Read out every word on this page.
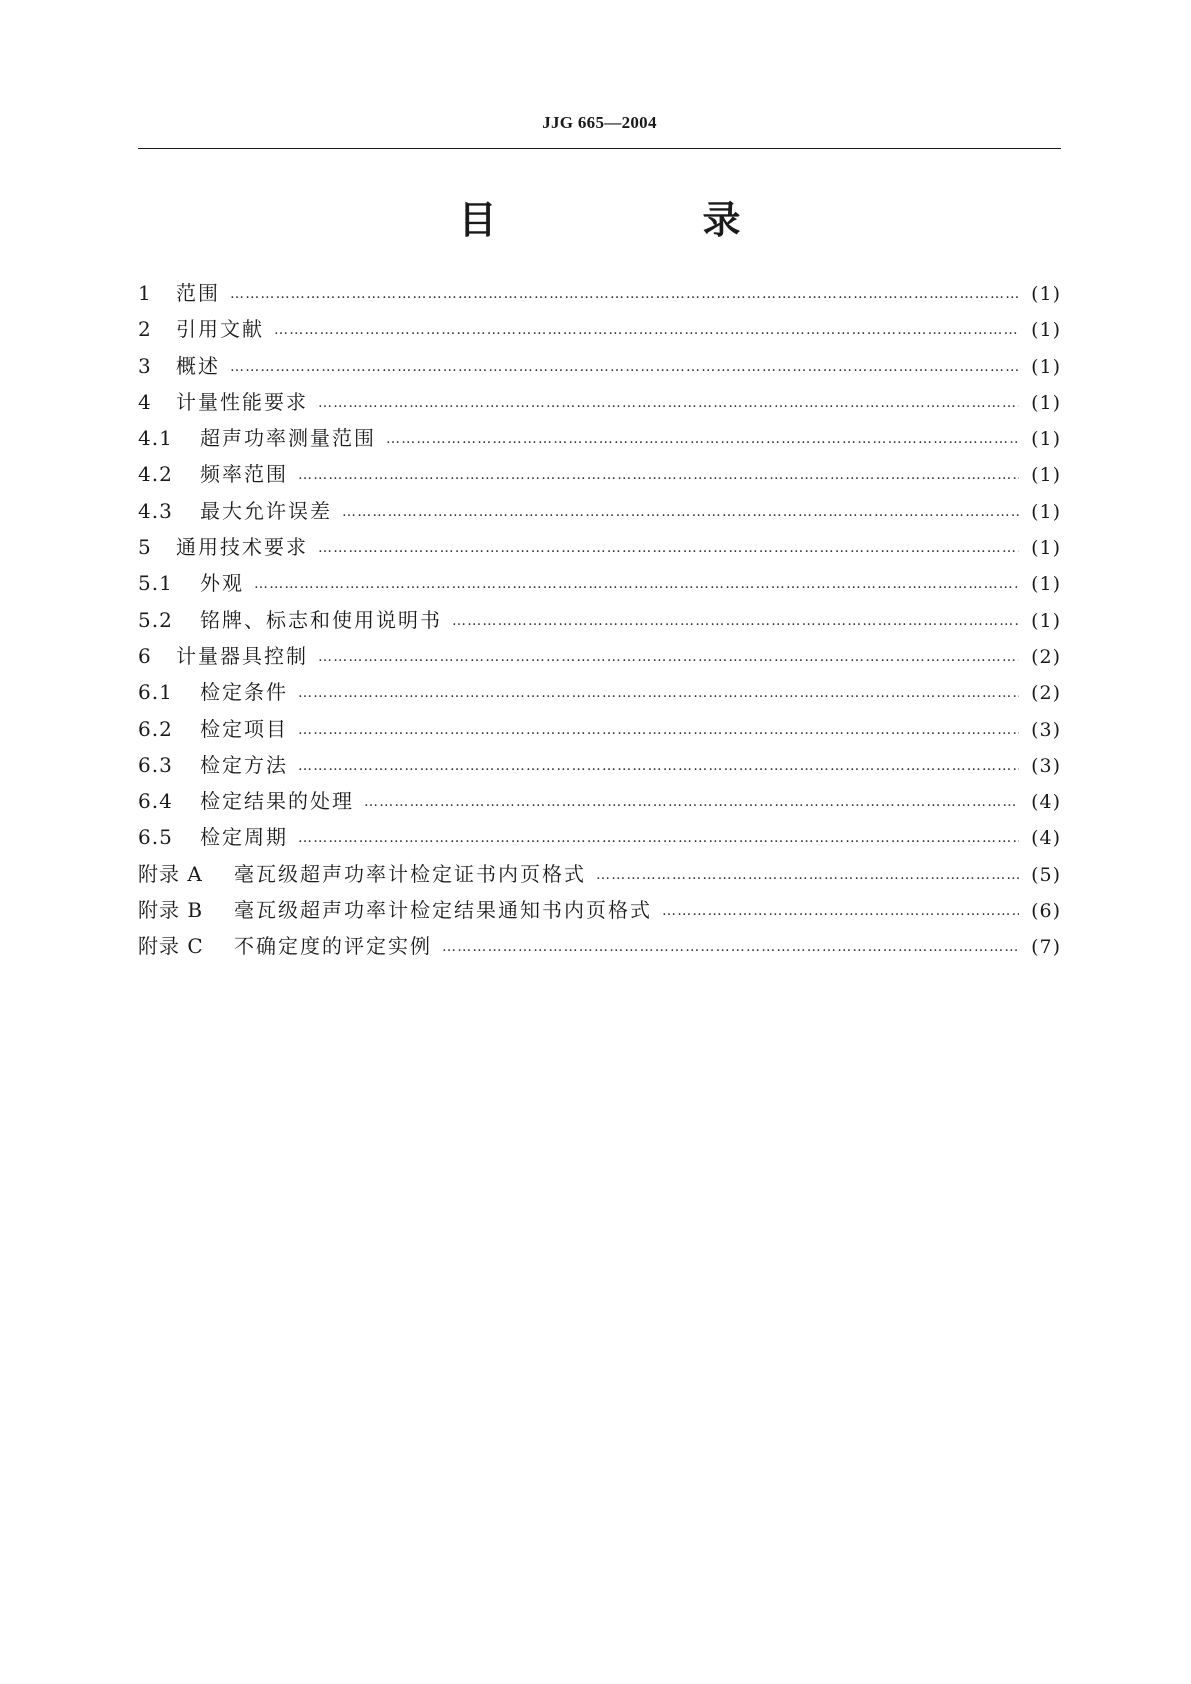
JJG 665—2004
目　录
1	范围 ……………………………………………………………………………………………………………………………………………………………………………………………………………	(1)
2	引用文献 ……………………………………………………………………………………………………………………………………………………………………………………………………………	(1)
3	概述 ……………………………………………………………………………………………………………………………………………………………………………………………………………	(1)
4	计量性能要求 ……………………………………………………………………………………………………………………………………………………………………………………………………………	(1)
4.1	超声功率测量范围 ……………………………………………………………………………………………………………………………………………………………………………………………………………	(1)
4.2	频率范围 ……………………………………………………………………………………………………………………………………………………………………………………………………………	(1)
4.3	最大允许误差 ……………………………………………………………………………………………………………………………………………………………………………………………………………	(1)
5	通用技术要求 ……………………………………………………………………………………………………………………………………………………………………………………………………………	(1)
5.1	外观 ……………………………………………………………………………………………………………………………………………………………………………………………………………	(1)
5.2	铭牌、标志和使用说明书 ……………………………………………………………………………………………………………………………………………………………………………………………………………	(1)
6	计量器具控制 ……………………………………………………………………………………………………………………………………………………………………………………………………………	(2)
6.1	检定条件 ……………………………………………………………………………………………………………………………………………………………………………………………………………	(2)
6.2	检定项目 ……………………………………………………………………………………………………………………………………………………………………………………………………………	(3)
6.3	检定方法 ……………………………………………………………………………………………………………………………………………………………………………………………………………	(3)
6.4	检定结果的处理 ……………………………………………………………………………………………………………………………………………………………………………………………………………	(4)
6.5	检定周期 ……………………………………………………………………………………………………………………………………………………………………………………………………………	(4)
附录 A	毫瓦级超声功率计检定证书内页格式 ……………………………………………………………………………………………………………………………………………………………………………………………………………	(5)
附录 B	毫瓦级超声功率计检定结果通知书内页格式 ……………………………………………………………………………………………………………………………………………………………………………………………………………	(6)
附录 C	不确定度的评定实例 ……………………………………………………………………………………………………………………………………………………………………………………………………………	(7)
